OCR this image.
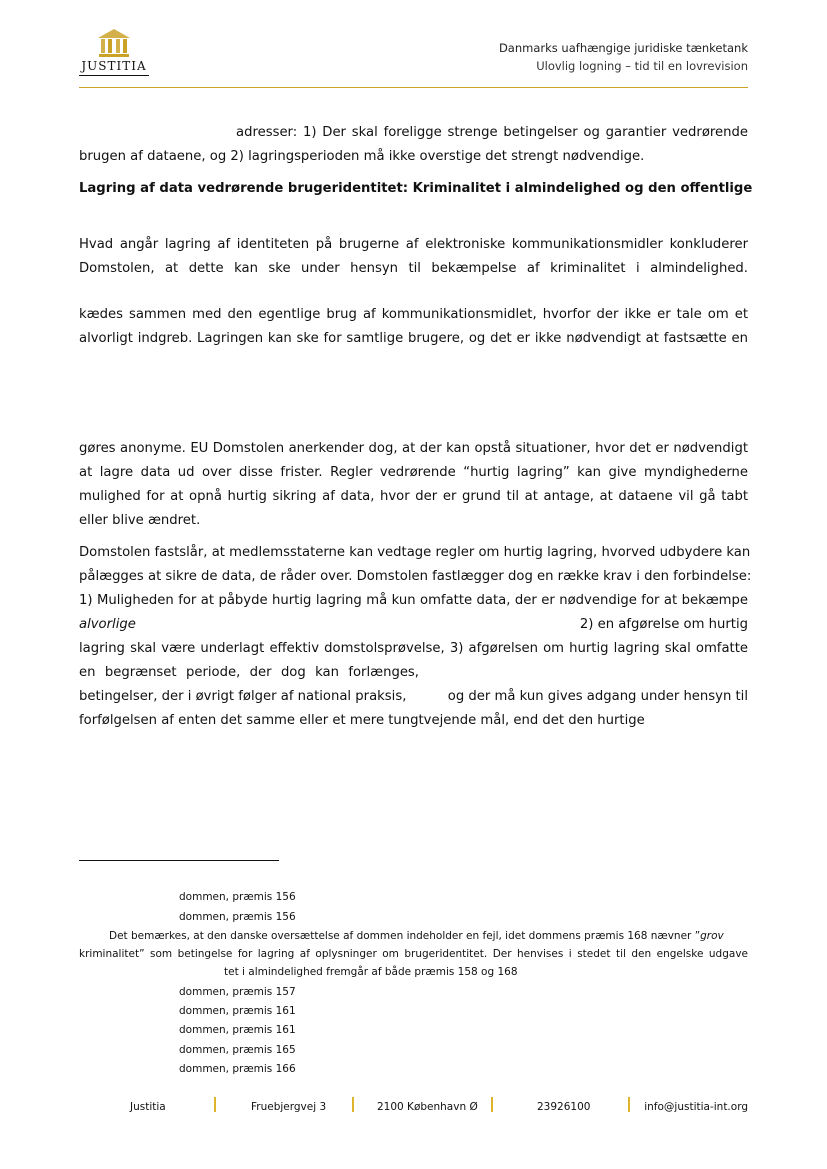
JUSTITIA
Danmarks uafhængige juridiske tænketank
Ulovlig logning – tid til en lovrevision
adresser: 1) Der skal foreligge strenge betingelser og garantier vedrørende
brugen af dataene, og 2) lagringsperioden må ikke overstige det strengt nødvendige.
Lagring af data vedrørende brugeridentitet: Kriminalitet i almindelighed og den offentlige
Hvad angår lagring af identiteten på brugerne af elektroniske kommunikationsmidler konkluderer
Domstolen, at dette kan ske under hensyn til bekæmpelse af kriminalitet i almindelighed.
kædes sammen med den egentlige brug af kommunikationsmidlet, hvorfor der ikke er tale om et
alvorligt indgreb. Lagringen kan ske for samtlige brugere, og det er ikke nødvendigt at fastsætte en
gøres anonyme. EU Domstolen anerkender dog, at der kan opstå situationer, hvor det er nødvendigt
at lagre data ud over disse frister. Regler vedrørende “hurtig lagring” kan give myndighederne
mulighed for at opnå hurtig sikring af data, hvor der er grund til at antage, at dataene vil gå tabt
eller blive ændret.
Domstolen fastslår, at medlemsstaterne kan vedtage regler om hurtig lagring, hvorved udbydere kan
pålægges at sikre de data, de råder over. Domstolen fastlægger dog en række krav i den forbindelse:
1) Muligheden for at påbyde hurtig lagring må kun omfatte data, der er nødvendige for at bekæmpe
alvorlige	2) en afgørelse om hurtig
lagring skal være underlagt effektiv domstolsprøvelse, 3) afgørelsen om hurtig lagring skal omfatte
en begrænset periode, der dog kan forlænges,
betingelser, der i øvrigt følger af national praksis,	og der må kun gives adgang under hensyn til
forfølgelsen af enten det samme eller et mere tungtvejende mål, end det den hurtige
dommen, præmis 156
dommen, præmis 156
Det bemærkes, at den danske oversættelse af dommen indeholder en fejl, idet dommens præmis 168 nævner ”grov
kriminalitet” som betingelse for lagring af oplysninger om brugeridentitet. Der henvises i stedet til den engelske udgave
tet i almindelighed fremgår af både præmis 158 og 168
dommen, præmis 157
dommen, præmis 161
dommen, præmis 161
dommen, præmis 165
dommen, præmis 166
Justitia	Fruebjergvej 3	2100 København Ø	23926100	info@justitia-int.org
